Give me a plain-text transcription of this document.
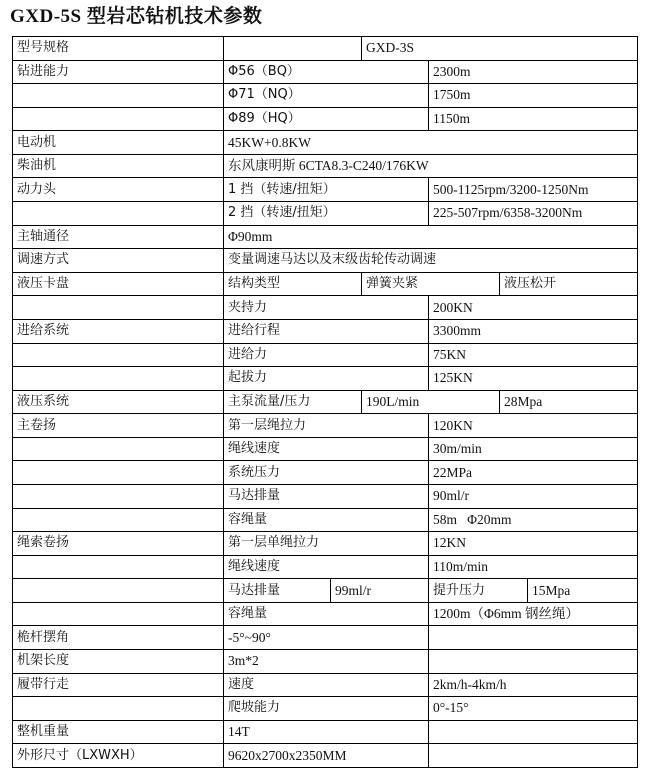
GXD-5S 型岩芯钻机技术参数
型号规格			GXD-3S			
钻进能力	Φ56（BQ）			2300m		
	Φ71（NQ）			1750m		
	Φ89（HQ）			1150m		
电动机	45KW+0.8KW					
柴油机	东风康明斯 6CTA8.3-C240/176KW					
动力头	1 挡（转速/扭矩）			500-1125rpm/3200-1250Nm		
	2 挡（转速/扭矩）			225-507rpm/6358-3200Nm		
主轴通径	Φ90mm					
调速方式	变量调速马达以及末级齿轮传动调速					
液压卡盘	结构类型		弹簧夹紧		液压松开	
	夹持力			200KN		
进给系统	进给行程			3300mm		
	进给力			75KN		
	起拔力			125KN		
液压系统	主泵流量/压力		190L/min		28Mpa	
主卷扬	第一层绳拉力			120KN		
	绳线速度			30m/min		
	系统压力			22MPa		
	马达排量			90ml/r		
	容绳量			58m   Φ20mm		
绳索卷扬	第一层单绳拉力			12KN		
	绳线速度			110m/min		
	马达排量	99ml/r		提升压力		15Mpa
	容绳量			1200m（Φ6mm 钢丝绳）		
桅杆摆角	-5°~90°					
机架长度	3m*2					
履带行走	速度			2km/h-4km/h		
	爬坡能力			0°-15°		
整机重量	14T					
外形尺寸（LXWXH）	9620x2700x2350MM					
